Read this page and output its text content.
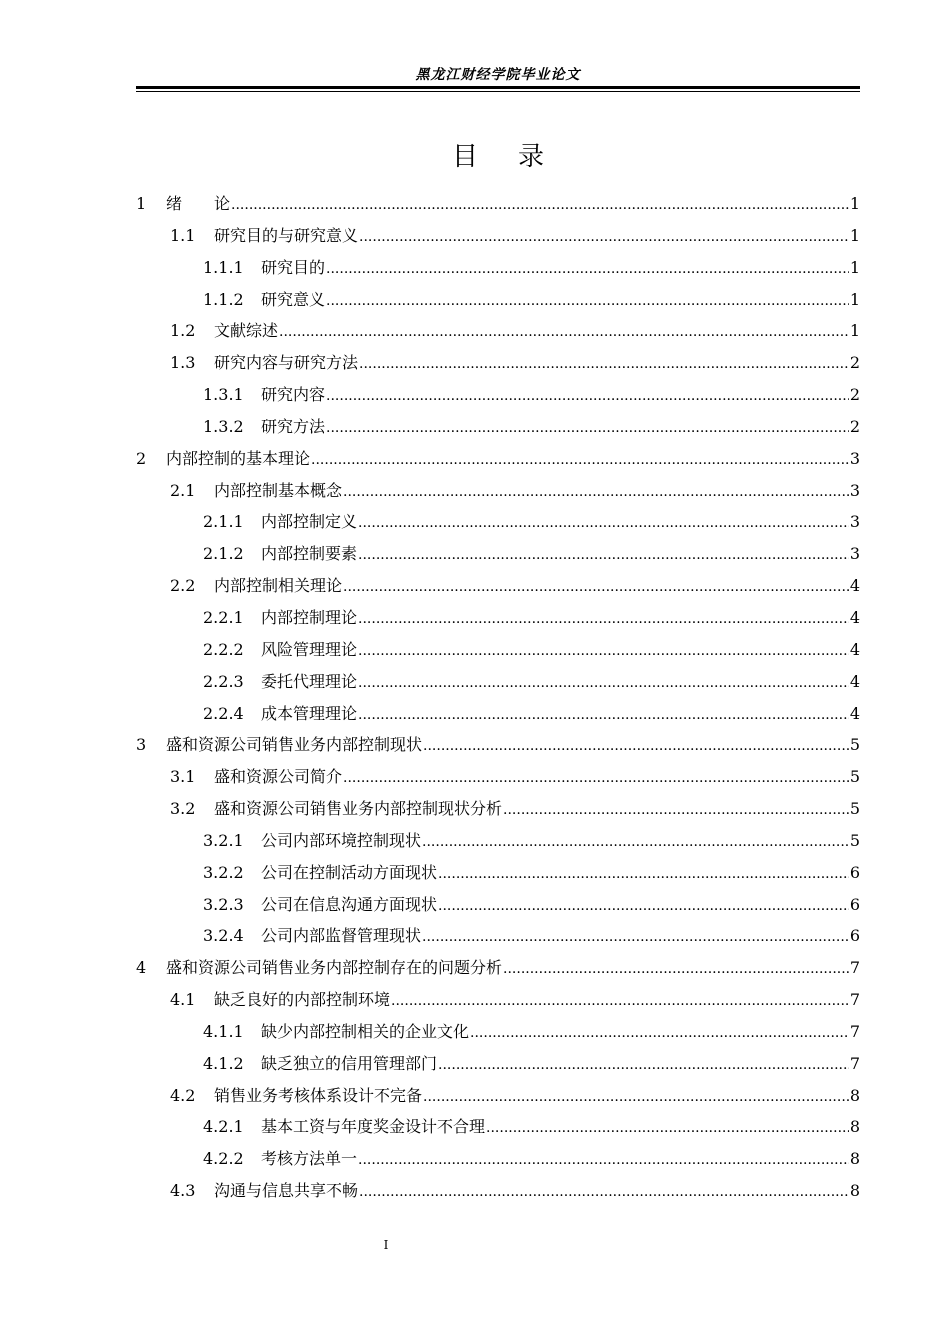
黑龙江财经学院毕业论文
目录
1	绪　　论 .....	1
1.1	研究目的与研究意义 .....	1
1.1.1	研究目的 .....	1
1.1.2	研究意义 .....	1
1.2	文献综述 .....	1
1.3	研究内容与研究方法 .....	2
1.3.1	研究内容 .....	2
1.3.2	研究方法 .....	2
2	内部控制的基本理论 .....	3
2.1	内部控制基本概念 .....	3
2.1.1	内部控制定义 .....	3
2.1.2	内部控制要素 .....	3
2.2	内部控制相关理论 .....	4
2.2.1	内部控制理论 .....	4
2.2.2	风险管理理论 .....	4
2.2.3	委托代理理论 .....	4
2.2.4	成本管理理论 .....	4
3	盛和资源公司销售业务内部控制现状 .....	5
3.1	盛和资源公司简介 .....	5
3.2	盛和资源公司销售业务内部控制现状分析 .....	5
3.2.1	公司内部环境控制现状 .....	5
3.2.2	公司在控制活动方面现状 .....	6
3.2.3	公司在信息沟通方面现状 .....	6
3.2.4	公司内部监督管理现状 .....	6
4	盛和资源公司销售业务内部控制存在的问题分析 .....	7
4.1	缺乏良好的内部控制环境 .....	7
4.1.1	缺少内部控制相关的企业文化 .....	7
4.1.2	缺乏独立的信用管理部门 .....	7
4.2	销售业务考核体系设计不完备 .....	8
4.2.1	基本工资与年度奖金设计不合理 .....	8
4.2.2	考核方法单一 .....	8
4.3	沟通与信息共享不畅 .....	8
I
